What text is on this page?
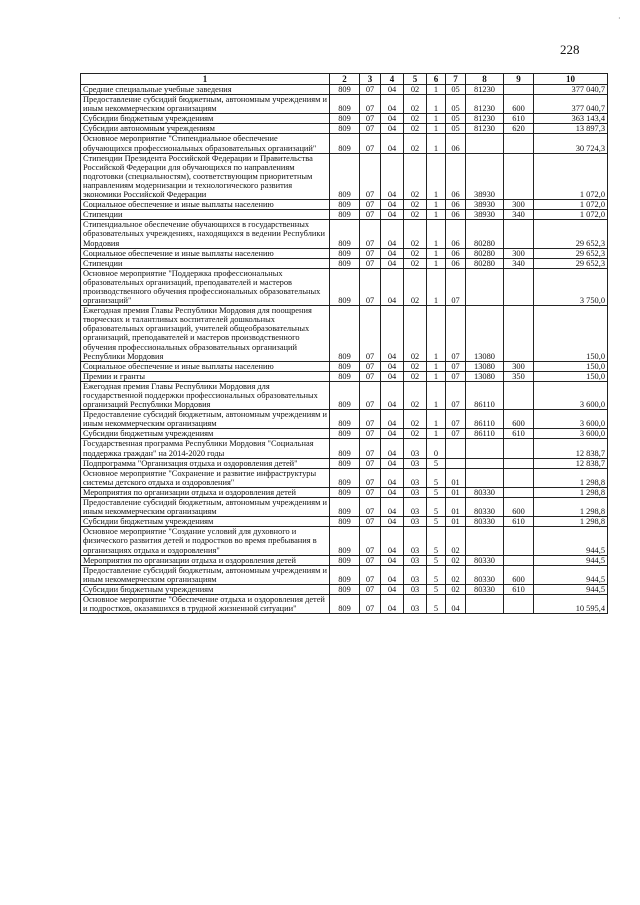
·
228
1	2	3	4	5	6	7	8	9	10
Средние специальные учебные заведения	809	07	04	02	1	05	81230		377 040,7
Предоставление субсидий бюджетным, автономным учреждениям и иным некоммерческим организациям	809	07	04	02	1	05	81230	600	377 040,7
Субсидии бюджетным учреждениям	809	07	04	02	1	05	81230	610	363 143,4
Субсидии автономным учреждениям	809	07	04	02	1	05	81230	620	13 897,3
Основное мероприятие "Стипендиальное обеспечение обучающихся профессиональных образовательных организаций"	809	07	04	02	1	06			30 724,3
Стипендии Президента Российской Федерации и Правительства Российской Федерации для обучающихся по направлениям подготовки (специальностям), соответствующим приоритетным направлениям модернизации и технологического развития экономики Российской Федерации	809	07	04	02	1	06	38930		1 072,0
Социальное обеспечение и иные выплаты населению	809	07	04	02	1	06	38930	300	1 072,0
Стипендии	809	07	04	02	1	06	38930	340	1 072,0
Стипендиальное обеспечение обучающихся в государственных образовательных учреждениях, находящихся в ведении Республики Мордовия	809	07	04	02	1	06	80280		29 652,3
Социальное обеспечение и иные выплаты населению	809	07	04	02	1	06	80280	300	29 652,3
Стипендии	809	07	04	02	1	06	80280	340	29 652,3
Основное мероприятие "Поддержка профессиональных образовательных организаций, преподавателей и мастеров производственного обучения профессиональных образовательных организаций"	809	07	04	02	1	07			3 750,0
Ежегодная премия Главы Республики Мордовия для поощрения творческих и талантливых воспитателей дошкольных образовательных организаций, учителей общеобразовательных организаций, преподавателей и мастеров производственного обучения профессиональных образовательных организаций Республики Мордовия	809	07	04	02	1	07	13080		150,0
Социальное обеспечение и иные выплаты населению	809	07	04	02	1	07	13080	300	150,0
Премии и гранты	809	07	04	02	1	07	13080	350	150,0
Ежегодная премия Главы Республики Мордовия для государственной поддержки профессиональных образовательных организаций Республики Мордовия	809	07	04	02	1	07	86110		3 600,0
Предоставление субсидий бюджетным, автономным учреждениям и иным некоммерческим организациям	809	07	04	02	1	07	86110	600	3 600,0
Субсидии бюджетным учреждениям	809	07	04	02	1	07	86110	610	3 600,0
Государственная программа Республики Мордовия "Социальная поддержка граждан" на 2014-2020 годы	809	07	04	03	0				12 838,7
Подпрограмма "Организация отдыха и оздоровления детей"	809	07	04	03	5				12 838,7
Основное мероприятие "Сохранение и развитие инфраструктуры системы детского отдыха и оздоровления"	809	07	04	03	5	01			1 298,8
Мероприятия по организации отдыха и оздоровления детей	809	07	04	03	5	01	80330		1 298,8
Предоставление субсидий бюджетным, автономным учреждениям и иным некоммерческим организациям	809	07	04	03	5	01	80330	600	1 298,8
Субсидии бюджетным учреждениям	809	07	04	03	5	01	80330	610	1 298,8
Основное мероприятие "Создание условий для духовного и физического развития детей и подростков во время пребывания в организациях отдыха и оздоровления"	809	07	04	03	5	02			944,5
Мероприятия по организации отдыха и оздоровления детей	809	07	04	03	5	02	80330		944,5
Предоставление субсидий бюджетным, автономным учреждениям и иным некоммерческим организациям	809	07	04	03	5	02	80330	600	944,5
Субсидии бюджетным учреждениям	809	07	04	03	5	02	80330	610	944,5
Основное мероприятие "Обеспечение отдыха и оздоровления детей и подростков, оказавшихся в трудной жизненной ситуации"	809	07	04	03	5	04			10 595,4
